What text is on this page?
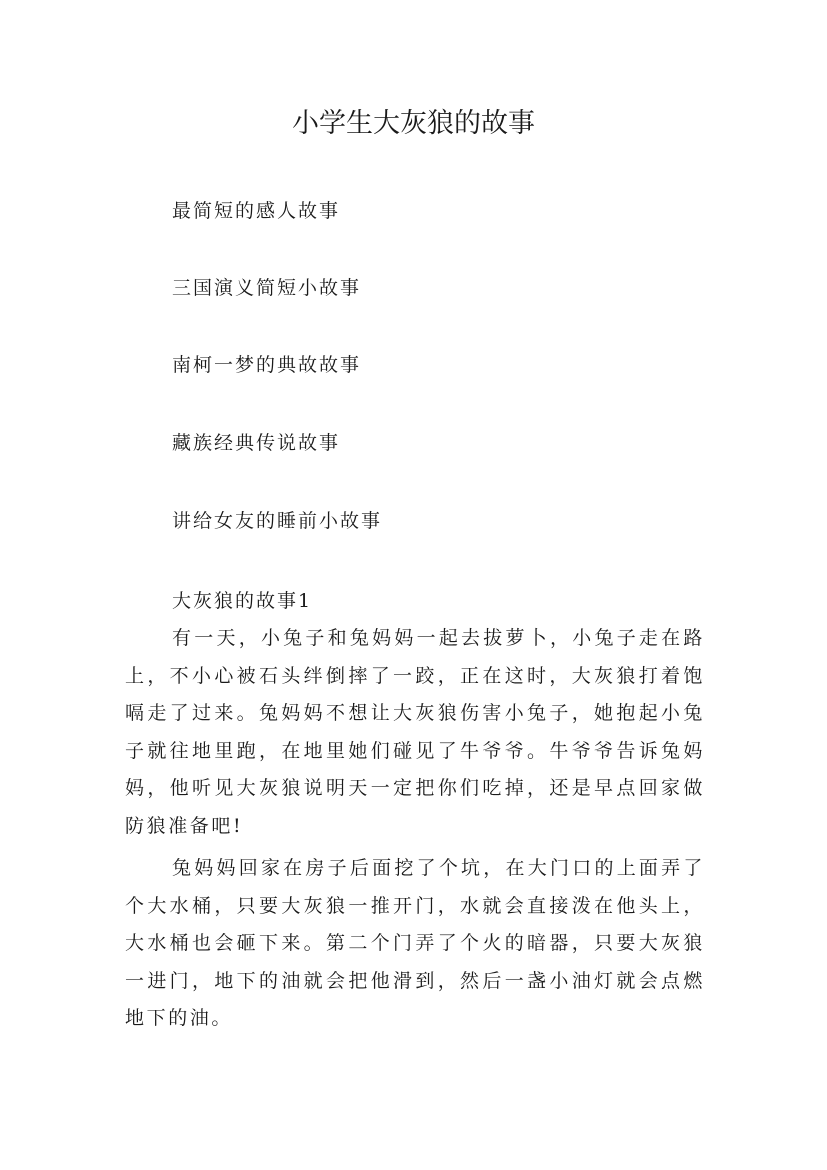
小学生大灰狼的故事
最简短的感人故事
三国演义简短小故事
南柯一梦的典故故事
藏族经典传说故事
讲给女友的睡前小故事
大灰狼的故事1

有一天，小兔子和兔妈妈一起去拔萝卜，小兔子走在路上，不小心被石头绊倒摔了一跤，正在这时，大灰狼打着饱嗝走了过来。兔妈妈不想让大灰狼伤害小兔子，她抱起小兔子就往地里跑，在地里她们碰见了牛爷爷。牛爷爷告诉兔妈妈，他听见大灰狼说明天一定把你们吃掉，还是早点回家做防狼准备吧!

兔妈妈回家在房子后面挖了个坑，在大门口的上面弄了个大水桶，只要大灰狼一推开门，水就会直接泼在他头上，大水桶也会砸下来。第二个门弄了个火的暗器，只要大灰狼一进门，地下的油就会把他滑到，然后一盏小油灯就会点燃地下的油。
